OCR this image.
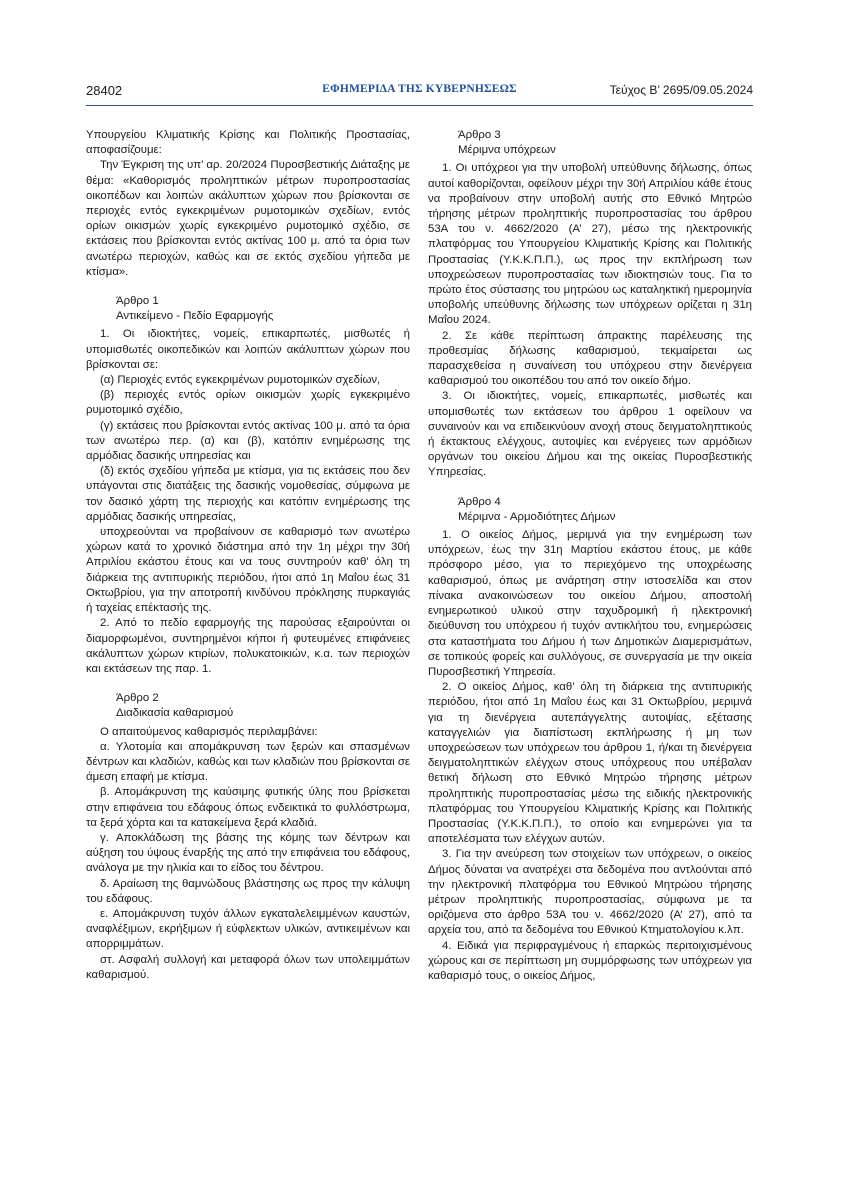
28402	ΕΦΗΜΕΡΙΔΑ ΤΗΣ ΚΥΒΕΡΝΗΣΕΩΣ	Τεύχος Β’ 2695/09.05.2024

Υπουργείου Κλιματικής Κρίσης και Πολιτικής Προστασίας, αποφασίζουμε:

Την Έγκριση της υπ’ αρ. 20/2024 Πυροσβεστικής Διάταξης με θέμα: «Καθορισμός προληπτικών μέτρων πυροπροστασίας οικοπέδων και λοιπών ακάλυπτων χώρων που βρίσκονται σε περιοχές εντός εγκεκριμένων ρυμοτομικών σχεδίων, εντός ορίων οικισμών χωρίς εγκεκριμένο ρυμοτομικό σχέδιο, σε εκτάσεις που βρίσκονται εντός ακτίνας 100 μ. από τα όρια των ανωτέρω περιοχών, καθώς και σε εκτός σχεδίου γήπεδα με κτίσμα».

Άρθρο 1

Αντικείμενο - Πεδίο Εφαρμογής

1. Οι ιδιοκτήτες, νομείς, επικαρπωτές, μισθωτές ή υπομισθωτές οικοπεδικών και λοιπών ακάλυπτων χώρων που βρίσκονται σε:

(α) Περιοχές εντός εγκεκριμένων ρυμοτομικών σχεδίων,

(β) περιοχές εντός ορίων οικισμών χωρίς εγκεκριμένο ρυμοτομικό σχέδιο,

(γ) εκτάσεις που βρίσκονται εντός ακτίνας 100 μ. από τα όρια των ανωτέρω περ. (α) και (β), κατόπιν ενημέρωσης της αρμόδιας δασικής υπηρεσίας και

(δ) εκτός σχεδίου γήπεδα με κτίσμα, για τις εκτάσεις που δεν υπάγονται στις διατάξεις της δασικής νομοθεσίας, σύμφωνα με τον δασικό χάρτη της περιοχής και κατόπιν ενημέρωσης της αρμόδιας δασικής υπηρεσίας,

υποχρεούνται να προβαίνουν σε καθαρισμό των ανωτέρω χώρων κατά το χρονικό διάστημα από την 1η μέχρι την 30ή Απριλίου εκάστου έτους και να τους συντηρούν καθ’ όλη τη διάρκεια της αντιπυρικής περιόδου, ήτοι από 1η Μαΐου έως 31 Οκτωβρίου, για την αποτροπή κινδύνου πρόκλησης πυρκαγιάς ή ταχείας επέκτασής της.

2. Από το πεδίο εφαρμογής της παρούσας εξαιρούνται οι διαμορφωμένοι, συντηρημένοι κήποι ή φυτευμένες επιφάνειες ακάλυπτων χώρων κτιρίων, πολυκατοικιών, κ.α. των περιοχών και εκτάσεων της παρ. 1.

Άρθρο 2

Διαδικασία καθαρισμού

Ο απαιτούμενος καθαρισμός περιλαμβάνει:

α. Υλοτομία και απομάκρυνση των ξερών και σπασμένων δέντρων και κλαδιών, καθώς και των κλαδιών που βρίσκονται σε άμεση επαφή με κτίσμα.

β. Απομάκρυνση της καύσιμης φυτικής ύλης που βρίσκεται στην επιφάνεια του εδάφους όπως ενδεικτικά το φυλλόστρωμα, τα ξερά χόρτα και τα κατακείμενα ξερά κλαδιά.

γ. Αποκλάδωση της βάσης της κόμης των δέντρων και αύξηση του ύψους έναρξής της από την επιφάνεια του εδάφους, ανάλογα με την ηλικία και το είδος του δέντρου.

δ. Αραίωση της θαμνώδους βλάστησης ως προς την κάλυψη του εδάφους.

ε. Απομάκρυνση τυχόν άλλων εγκαταλελειμμένων καυστών, αναφλέξιμων, εκρήξιμων ή εύφλεκτων υλικών, αντικειμένων και απορριμμάτων.

στ. Ασφαλή συλλογή και μεταφορά όλων των υπολειμμάτων καθαρισμού.

Άρθρο 3

Μέριμνα υπόχρεων

1. Οι υπόχρεοι για την υποβολή υπεύθυνης δήλωσης, όπως αυτοί καθορίζονται, οφείλουν μέχρι την 30ή Απριλίου κάθε έτους να προβαίνουν στην υποβολή αυτής στο Εθνικό Μητρώο τήρησης μέτρων προληπτικής πυροπροστασίας του άρθρου 53Α του ν. 4662/2020 (Α’ 27), μέσω της ηλεκτρονικής πλατφόρμας του Υπουργείου Κλιματικής Κρίσης και Πολιτικής Προστασίας (Υ.Κ.Κ.Π.Π.), ως προς την εκπλήρωση των υποχρεώσεων πυροπροστασίας των ιδιοκτησιών τους. Για το πρώτο έτος σύστασης του μητρώου ως καταληκτική ημερομηνία υποβολής υπεύθυνης δήλωσης των υπόχρεων ορίζεται η 31η Μαΐου 2024.

2. Σε κάθε περίπτωση άπρακτης παρέλευσης της προθεσμίας δήλωσης καθαρισμού, τεκμαίρεται ως παρασχεθείσα η συναίνεση του υπόχρεου στην διενέργεια καθαρισμού του οικοπέδου του από τον οικείο δήμο.

3. Οι ιδιοκτήτες, νομείς, επικαρπωτές, μισθωτές και υπομισθωτές των εκτάσεων του άρθρου 1 οφείλουν να συναινούν και να επιδεικνύουν ανοχή στους δειγματοληπτικούς ή έκτακτους ελέγχους, αυτοψίες και ενέργειες των αρμόδιων οργάνων του οικείου Δήμου και της οικείας Πυροσβεστικής Υπηρεσίας.

Άρθρο 4

Μέριμνα - Αρμοδιότητες Δήμων

1. Ο οικείος Δήμος, μεριμνά για την ενημέρωση των υπόχρεων, έως την 31η Μαρτίου εκάστου έτους, με κάθε πρόσφορο μέσο, για το περιεχόμενο της υποχρέωσης καθαρισμού, όπως με ανάρτηση στην ιστοσελίδα και στον πίνακα ανακοινώσεων του οικείου Δήμου, αποστολή ενημερωτικού υλικού στην ταχυδρομική ή ηλεκτρονική διεύθυνση του υπόχρεου ή τυχόν αντικλήτου του, ενημερώσεις στα καταστήματα του Δήμου ή των Δημοτικών Διαμερισμάτων, σε τοπικούς φορείς και συλλόγους, σε συνεργασία με την οικεία Πυροσβεστική Υπηρεσία.

2. Ο οικείος Δήμος, καθ’ όλη τη διάρκεια της αντιπυρικής περιόδου, ήτοι από 1η Μαΐου έως και 31 Οκτωβρίου, μεριμνά για τη διενέργεια αυτεπάγγελτης αυτοψίας, εξέτασης καταγγελιών για διαπίστωση εκπλήρωσης ή μη των υποχρεώσεων των υπόχρεων του άρθρου 1, ή/και τη διενέργεια δειγματοληπτικών ελέγχων στους υπόχρεους που υπέβαλαν θετική δήλωση στο Εθνικό Μητρώο τήρησης μέτρων προληπτικής πυροπροστασίας μέσω της ειδικής ηλεκτρονικής πλατφόρμας του Υπουργείου Κλιματικής Κρίσης και Πολιτικής Προστασίας (Υ.Κ.Κ.Π.Π.), το οποίο και ενημερώνει για τα αποτελέσματα των ελέγχων αυτών.

3. Για την ανεύρεση των στοιχείων των υπόχρεων, ο οικείος Δήμος δύναται να ανατρέχει στα δεδομένα που αντλούνται από την ηλεκτρονική πλατφόρμα του Εθνικού Μητρώου τήρησης μέτρων προληπτικής πυροπροστασίας, σύμφωνα με τα οριζόμενα στο άρθρο 53Α του ν. 4662/2020 (Α’ 27), από τα αρχεία του, από τα δεδομένα του Εθνικού Κτηματολογίου κ.λπ.

4. Ειδικά για περιφραγμένους ή επαρκώς περιτοιχισμένους χώρους και σε περίπτωση μη συμμόρφωσης των υπόχρεων για καθαρισμό τους, ο οικείος Δήμος,
